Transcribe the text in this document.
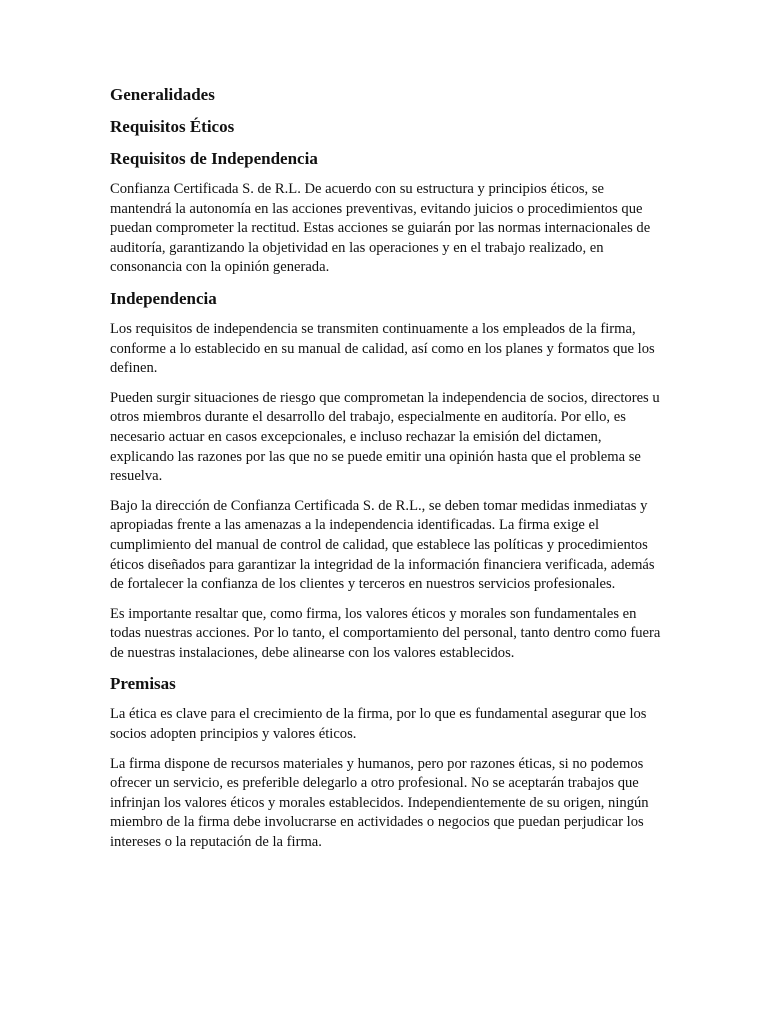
Generalidades
Requisitos Éticos
Requisitos de Independencia

Confianza Certificada S. de R.L. De acuerdo con su estructura y principios éticos, se mantendrá la autonomía en las acciones preventivas, evitando juicios o procedimientos que puedan comprometer la rectitud. Estas acciones se guiarán por las normas internacionales de auditoría, garantizando la objetividad en las operaciones y en el trabajo realizado, en consonancia con la opinión generada.

Independencia

Los requisitos de independencia se transmiten continuamente a los empleados de la firma, conforme a lo establecido en su manual de calidad, así como en los planes y formatos que los definen.

Pueden surgir situaciones de riesgo que comprometan la independencia de socios, directores u otros miembros durante el desarrollo del trabajo, especialmente en auditoría. Por ello, es necesario actuar en casos excepcionales, e incluso rechazar la emisión del dictamen, explicando las razones por las que no se puede emitir una opinión hasta que el problema se resuelva.

Bajo la dirección de Confianza Certificada S. de R.L., se deben tomar medidas inmediatas y apropiadas frente a las amenazas a la independencia identificadas. La firma exige el cumplimiento del manual de control de calidad, que establece las políticas y procedimientos éticos diseñados para garantizar la integridad de la información financiera verificada, además de fortalecer la confianza de los clientes y terceros en nuestros servicios profesionales.

Es importante resaltar que, como firma, los valores éticos y morales son fundamentales en todas nuestras acciones. Por lo tanto, el comportamiento del personal, tanto dentro como fuera de nuestras instalaciones, debe alinearse con los valores establecidos.

Premisas

La ética es clave para el crecimiento de la firma, por lo que es fundamental asegurar que los socios adopten principios y valores éticos.

La firma dispone de recursos materiales y humanos, pero por razones éticas, si no podemos ofrecer un servicio, es preferible delegarlo a otro profesional. No se aceptarán trabajos que infrinjan los valores éticos y morales establecidos. Independientemente de su origen, ningún miembro de la firma debe involucrarse en actividades o negocios que puedan perjudicar los intereses o la reputación de la firma.
